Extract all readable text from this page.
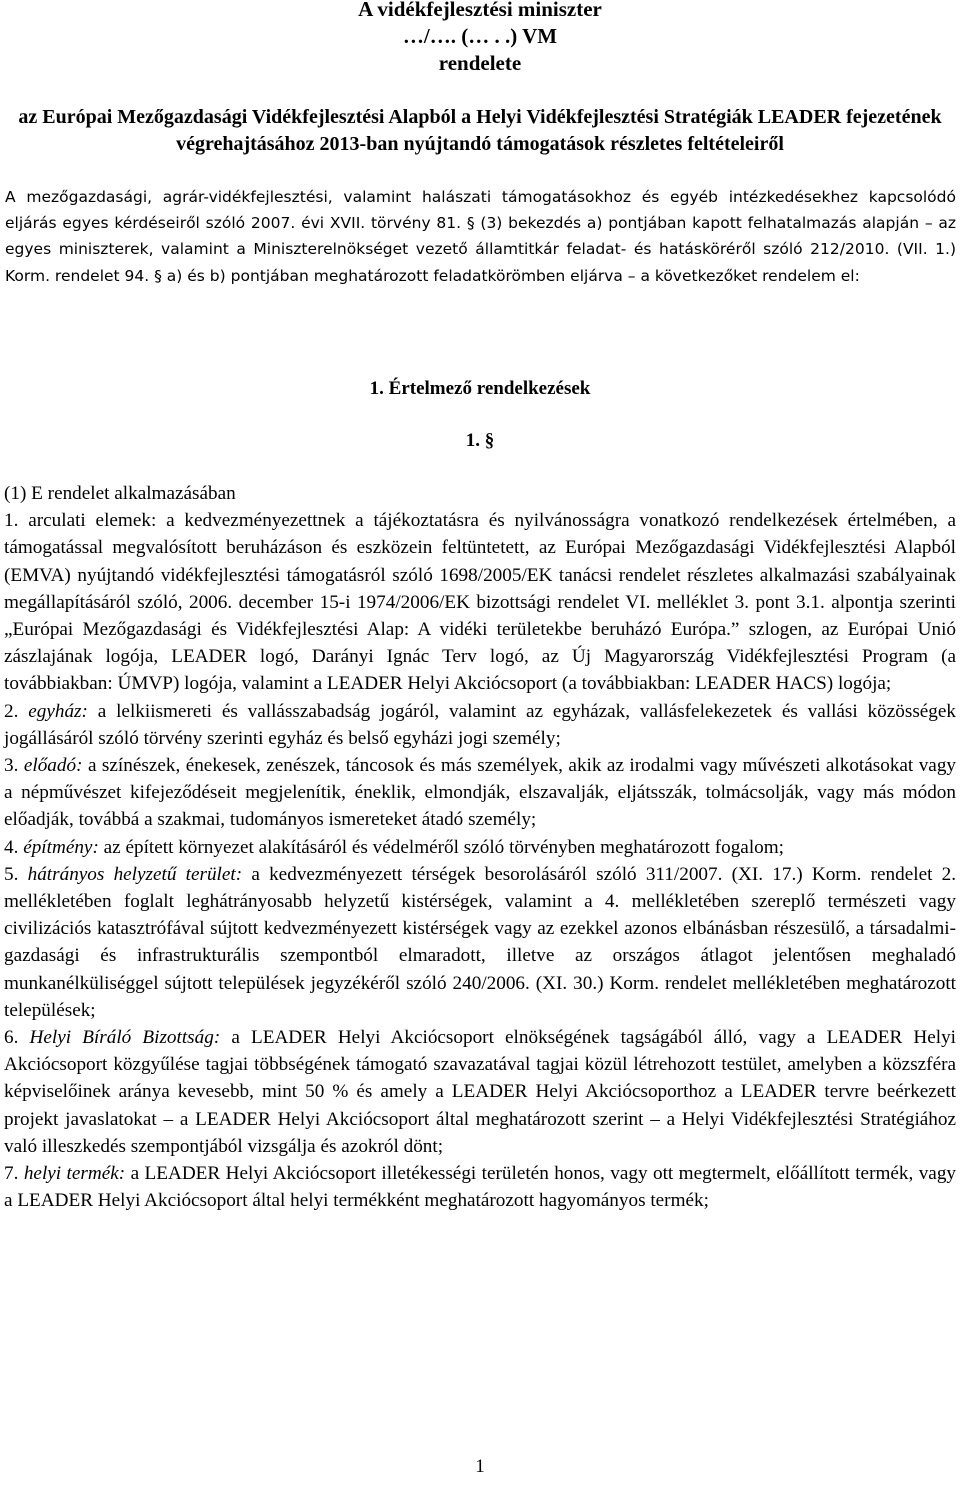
A vidékfejlesztési miniszter
…/…. (… . .) VM
rendelete
az Európai Mezőgazdasági Vidékfejlesztési Alapból a Helyi Vidékfejlesztési Stratégiák LEADER fejezetének végrehajtásához 2013-ban nyújtandó támogatások részletes feltételeiről
A mezőgazdasági, agrár-vidékfejlesztési, valamint halászati támogatásokhoz és egyéb intézkedésekhez kapcsolódó eljárás egyes kérdéseiről szóló 2007. évi XVII. törvény 81. § (3) bekezdés a) pontjában kapott felhatalmazás alapján – az egyes miniszterek, valamint a Miniszterelnökséget vezető államtitkár feladat- és hatásköréről szóló 212/2010. (VII. 1.) Korm. rendelet 94. § a) és b) pontjában meghatározott feladatkörömben eljárva – a következőket rendelem el:
1. Értelmező rendelkezések
1. §

(1) E rendelet alkalmazásában

1. arculati elemek: a kedvezményezettnek a tájékoztatásra és nyilvánosságra vonatkozó rendelkezések értelmében, a támogatással megvalósított beruházáson és eszközein feltüntetett, az Európai Mezőgazdasági Vidékfejlesztési Alapból (EMVA) nyújtandó vidékfejlesztési támogatásról szóló 1698/2005/EK tanácsi rendelet részletes alkalmazási szabályainak megállapításáról szóló, 2006. december 15-i 1974/2006/EK bizottsági rendelet VI. melléklet 3. pont 3.1. alpontja szerinti „Európai Mezőgazdasági és Vidékfejlesztési Alap: A vidéki területekbe beruházó Európa.” szlogen, az Európai Unió zászlajának logója, LEADER logó, Darányi Ignác Terv logó, az Új Magyarország Vidékfejlesztési Program (a továbbiakban: ÚMVP) logója, valamint a LEADER Helyi Akciócsoport (a továbbiakban: LEADER HACS) logója;

2. egyház: a lelkiismereti és vallásszabadság jogáról, valamint az egyházak, vallásfelekezetek és vallási közösségek jogállásáról szóló törvény szerinti egyház és belső egyházi jogi személy;

3. előadó: a színészek, énekesek, zenészek, táncosok és más személyek, akik az irodalmi vagy művészeti alkotásokat vagy a népművészet kifejeződéseit megjelenítik, éneklik, elmondják, elszavalják, eljátsszák, tolmácsolják, vagy más módon előadják, továbbá a szakmai, tudományos ismereteket átadó személy;

4. építmény: az épített környezet alakításáról és védelméről szóló törvényben meghatározott fogalom;

5. hátrányos helyzetű terület: a kedvezményezett térségek besorolásáról szóló 311/2007. (XI. 17.) Korm. rendelet 2. mellékletében foglalt leghátrányosabb helyzetű kistérségek, valamint a 4. mellékletében szereplő természeti vagy civilizációs katasztrófával sújtott kedvezményezett kistérségek vagy az ezekkel azonos elbánásban részesülő, a társadalmi-gazdasági és infrastrukturális szempontból elmaradott, illetve az országos átlagot jelentősen meghaladó munkanélküliséggel sújtott települések jegyzékéről szóló 240/2006. (XI. 30.) Korm. rendelet mellékletében meghatározott települések;

6. Helyi Bíráló Bizottság: a LEADER Helyi Akciócsoport elnökségének tagságából álló, vagy a LEADER Helyi Akciócsoport közgyűlése tagjai többségének támogató szavazatával tagjai közül létrehozott testület, amelyben a közszféra képviselőinek aránya kevesebb, mint 50 % és amely a LEADER Helyi Akciócsoporthoz a LEADER tervre beérkezett projekt javaslatokat – a LEADER Helyi Akciócsoport által meghatározott szerint – a Helyi Vidékfejlesztési Stratégiához való illeszkedés szempontjából vizsgálja és azokról dönt;

7. helyi termék: a LEADER Helyi Akciócsoport illetékességi területén honos, vagy ott megtermelt, előállított termék, vagy a LEADER Helyi Akciócsoport által helyi termékként meghatározott hagyományos termék;

1
